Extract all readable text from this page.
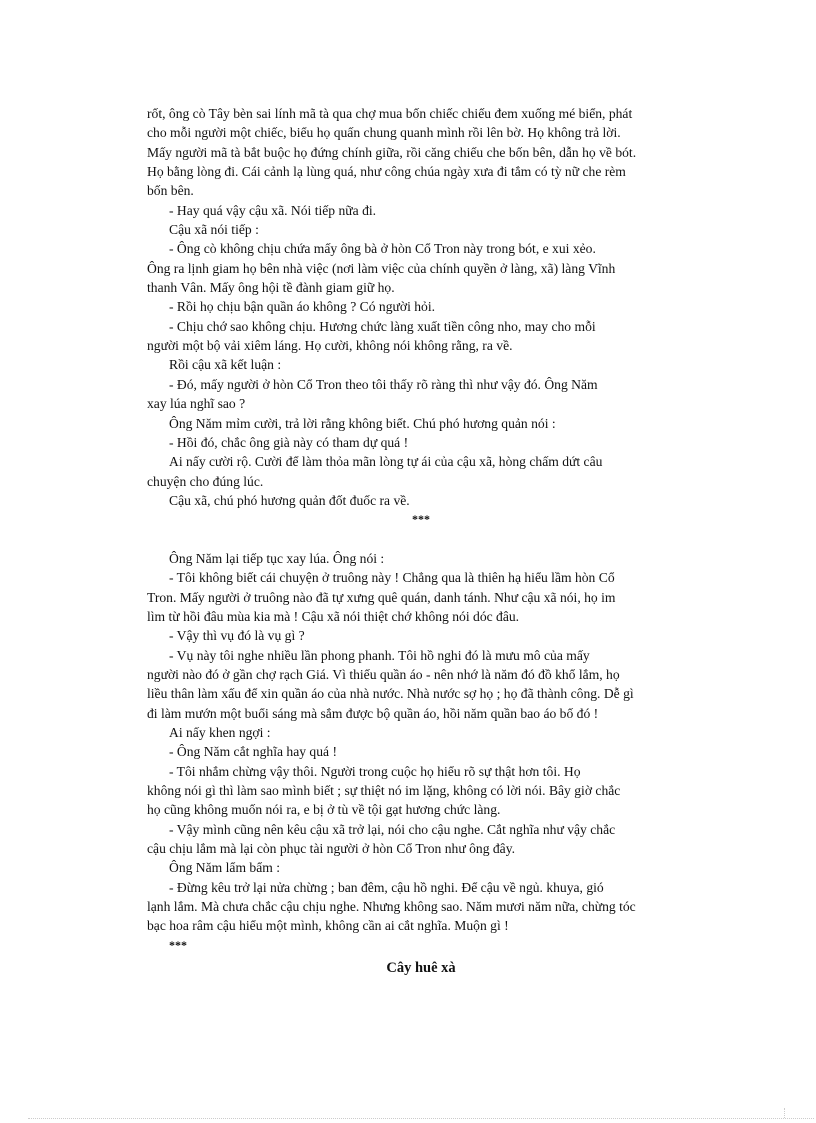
rốt, ông cò Tây bèn sai lính mã tà qua chợ mua bốn chiếc chiếu đem xuống mé biển, phát
cho mỗi người một chiếc, biểu họ quấn chung quanh mình rồi lên bờ. Họ không trả lời.
Mấy người mã tà bắt buộc họ đứng chính giữa, rồi căng chiếu che bốn bên, dẫn họ về bót.
Họ bằng lòng đi. Cái cảnh lạ lùng quá, như công chúa ngày xưa đi tắm có tỳ nữ che rèm
bốn bên.
- Hay quá vậy cậu xã. Nói tiếp nữa đi.
Cậu xã nói tiếp :
- Ông cò không chịu chứa mấy ông bà ở hòn Cổ Tron này trong bót, e xui xẻo.
Ông ra lịnh giam họ bên nhà việc (nơi làm việc của chính quyền ở làng, xã) làng Vĩnh
thanh Vân. Mấy ông hội tề đành giam giữ họ.
- Rồi họ chịu bận quần áo không ? Có người hỏi.
- Chịu chớ sao không chịu. Hương chức làng xuất tiền công nho, may cho mỗi
người một bộ vải xiêm láng. Họ cười, không nói không rằng, ra về.
Rồi cậu xã kết luận :
- Đó, mấy người ở hòn Cổ Tron theo tôi thấy rõ ràng thì như vậy đó. Ông Năm
xay lúa nghĩ sao ?
Ông Năm mỉm cười, trả lời rằng không biết. Chú phó hương quản nói :
- Hồi đó, chắc ông già này có tham dự quá !
Ai nấy cười rộ. Cười để làm thỏa mãn lòng tự ái của cậu xã, hòng chấm dứt câu
chuyện cho đúng lúc.
Cậu xã, chú phó hương quản đốt đuốc ra về.
***
Ông Năm lại tiếp tục xay lúa. Ông nói :
- Tôi không biết cái chuyện ở truông này ! Chẳng qua là thiên hạ hiểu lầm hòn Cổ
Tron. Mấy người ở truông nào đã tự xưng quê quán, danh tánh. Như cậu xã nói, họ im
lìm từ hồi đâu mùa kia mà ! Cậu xã nói thiệt chớ không nói dóc đâu.
- Vậy thì vụ đó là vụ gì ?
- Vụ này tôi nghe nhiều lần phong phanh. Tôi hồ nghi đó là mưu mô của mấy
người nào đó ở gần chợ rạch Giá. Vì thiếu quần áo - nên nhớ là năm đó đồ khổ lắm, họ
liều thân làm xấu để xin quần áo của nhà nước. Nhà nước sợ họ ; họ đã thành công. Dễ gì
đi làm mướn một buổi sáng mà sắm được bộ quần áo, hồi năm quần bao áo bố đó !
Ai nấy khen ngợi :
- Ông Năm cắt nghĩa hay quá !
- Tôi nhắm chừng vậy thôi. Người trong cuộc họ hiểu rõ sự thật hơn tôi. Họ
không nói gì thì làm sao mình biết ; sự thiệt nó im lặng, không có lời nói. Bây giờ chắc
họ cũng không muốn nói ra, e bị ở tù về tội gạt hương chức làng.
- Vậy mình cũng nên kêu cậu xã trở lại, nói cho cậu nghe. Cắt nghĩa như vậy chắc
cậu chịu lắm mà lại còn phục tài người ở hòn Cổ Tron như ông đây.
Ông Năm lẩm bẩm :
- Đừng kêu trở lại nửa chừng ; ban đêm, cậu hồ nghi. Để cậu về ngủ. khuya, gió
lạnh lắm. Mà chưa chắc cậu chịu nghe. Nhưng không sao. Năm mươi năm nữa, chừng tóc
bạc hoa râm cậu hiểu một mình, không cần ai cắt nghĩa. Muộn gì !
***
Cây huê xà
